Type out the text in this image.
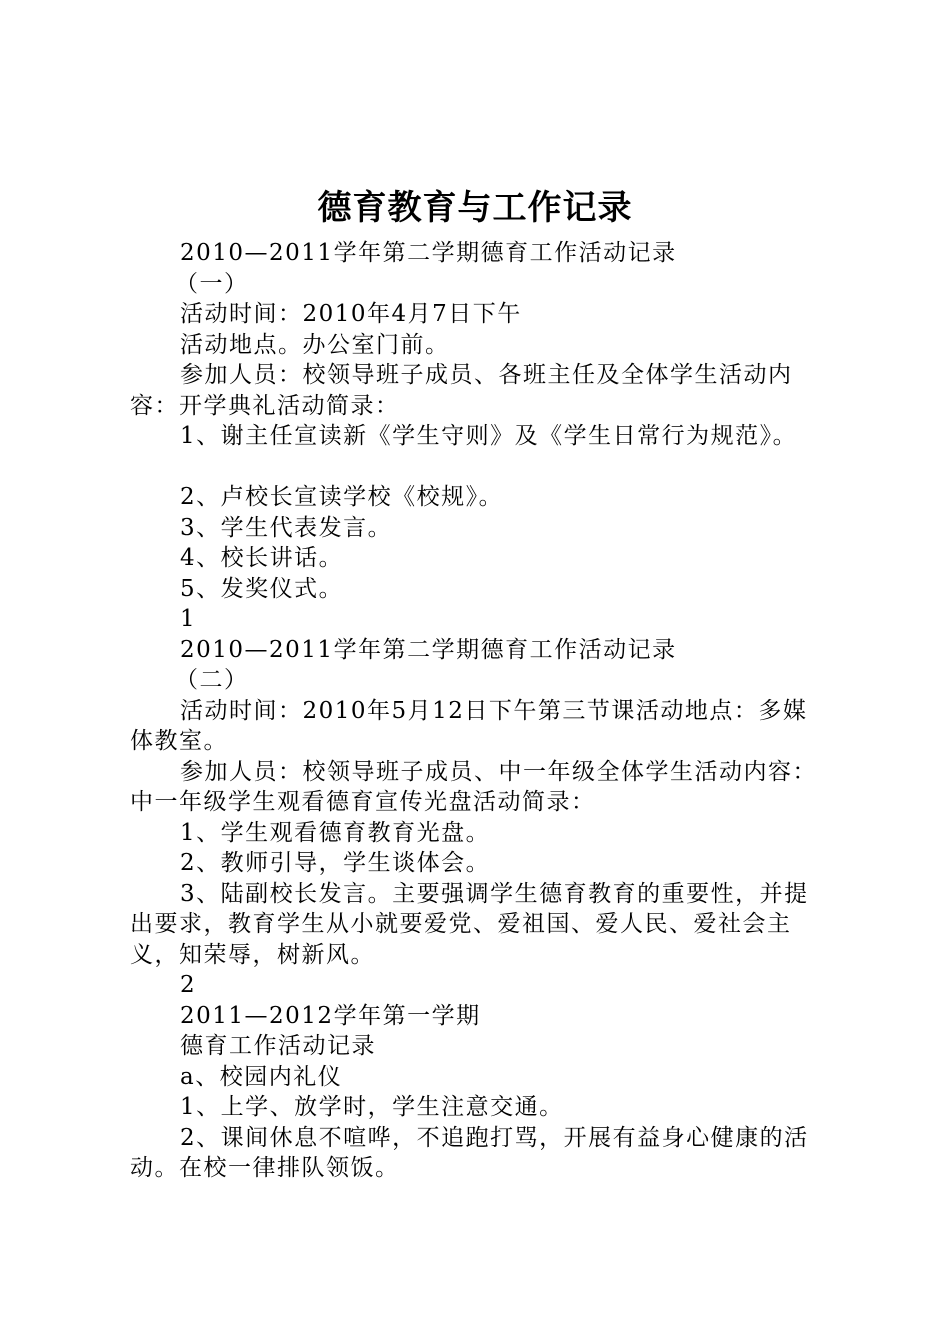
德育教育与工作记录

2010—2011学年第二学期德育工作活动记录

（一）

活动时间：2010年4月7日下午

活动地点。办公室门前。

参加人员：校领导班子成员、各班主任及全体学生活动内

容：开学典礼活动简录：

1、谢主任宣读新《学生守则》及《学生日常行为规范》。

2、卢校长宣读学校《校规》。

3、学生代表发言。

4、校长讲话。

5、发奖仪式。

1

2010—2011学年第二学期德育工作活动记录

（二）

活动时间：2010年5月12日下午第三节课活动地点：多媒

体教室。

参加人员：校领导班子成员、中一年级全体学生活动内容：

中一年级学生观看德育宣传光盘活动简录：

1、学生观看德育教育光盘。

2、教师引导，学生谈体会。

3、陆副校长发言。主要强调学生德育教育的重要性，并提

出要求，教育学生从小就要爱党、爱祖国、爱人民、爱社会主

义，知荣辱，树新风。

2

2011—2012学年第一学期

德育工作活动记录

a、校园内礼仪

1、上学、放学时，学生注意交通。

2、课间休息不喧哗，不追跑打骂，开展有益身心健康的活

动。在校一律排队领饭。
